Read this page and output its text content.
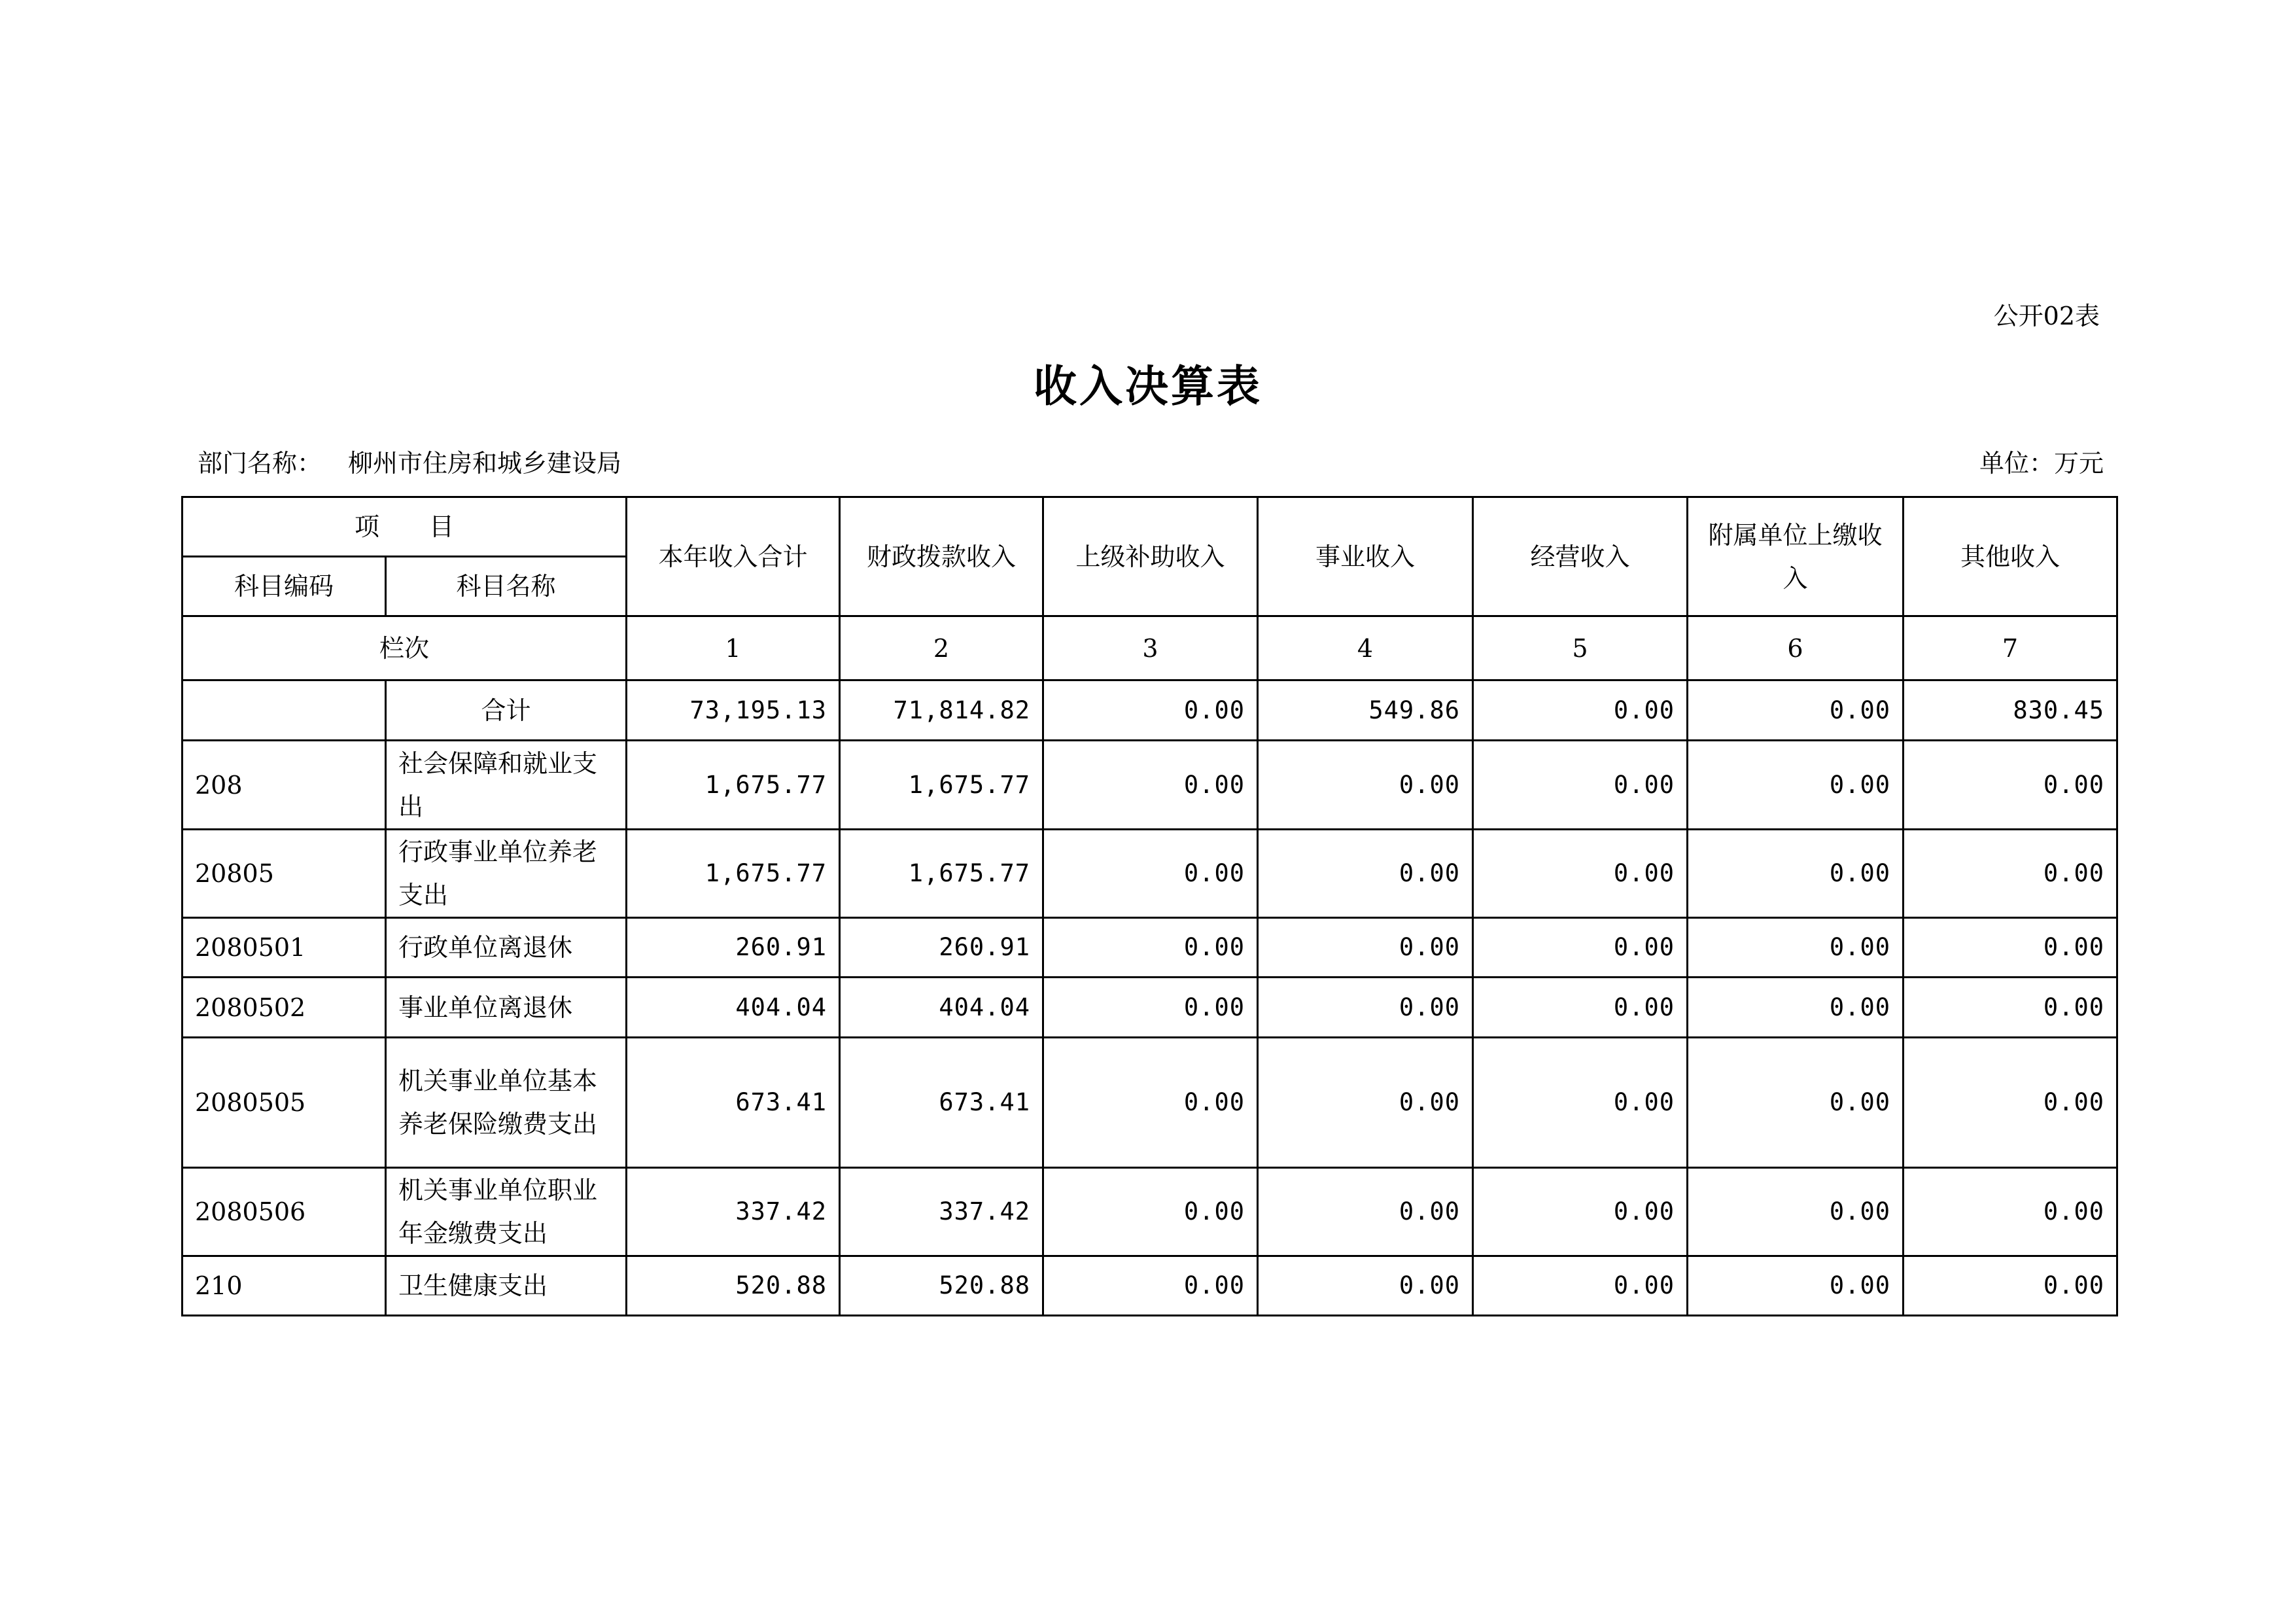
公开02表
收入决算表
部门名称： 柳州市住房和城乡建设局	单位：万元
项　　目		本年收入合计	财政拨款收入	上级补助收入	事业收入	经营收入	附属单位上缴收入	其他收入
科目编码	科目名称							
栏次		1	2	3	4	5	6	7
	合计	73,195.13	71,814.82	0.00	549.86	0.00	0.00	830.45
208	社会保障和就业支出	1,675.77	1,675.77	0.00	0.00	0.00	0.00	0.00
20805	行政事业单位养老支出	1,675.77	1,675.77	0.00	0.00	0.00	0.00	0.00
2080501	行政单位离退休	260.91	260.91	0.00	0.00	0.00	0.00	0.00
2080502	事业单位离退休	404.04	404.04	0.00	0.00	0.00	0.00	0.00
2080505	机关事业单位基本养老保险缴费支出	673.41	673.41	0.00	0.00	0.00	0.00	0.00
2080506	机关事业单位职业年金缴费支出	337.42	337.42	0.00	0.00	0.00	0.00	0.00
210	卫生健康支出	520.88	520.88	0.00	0.00	0.00	0.00	0.00
